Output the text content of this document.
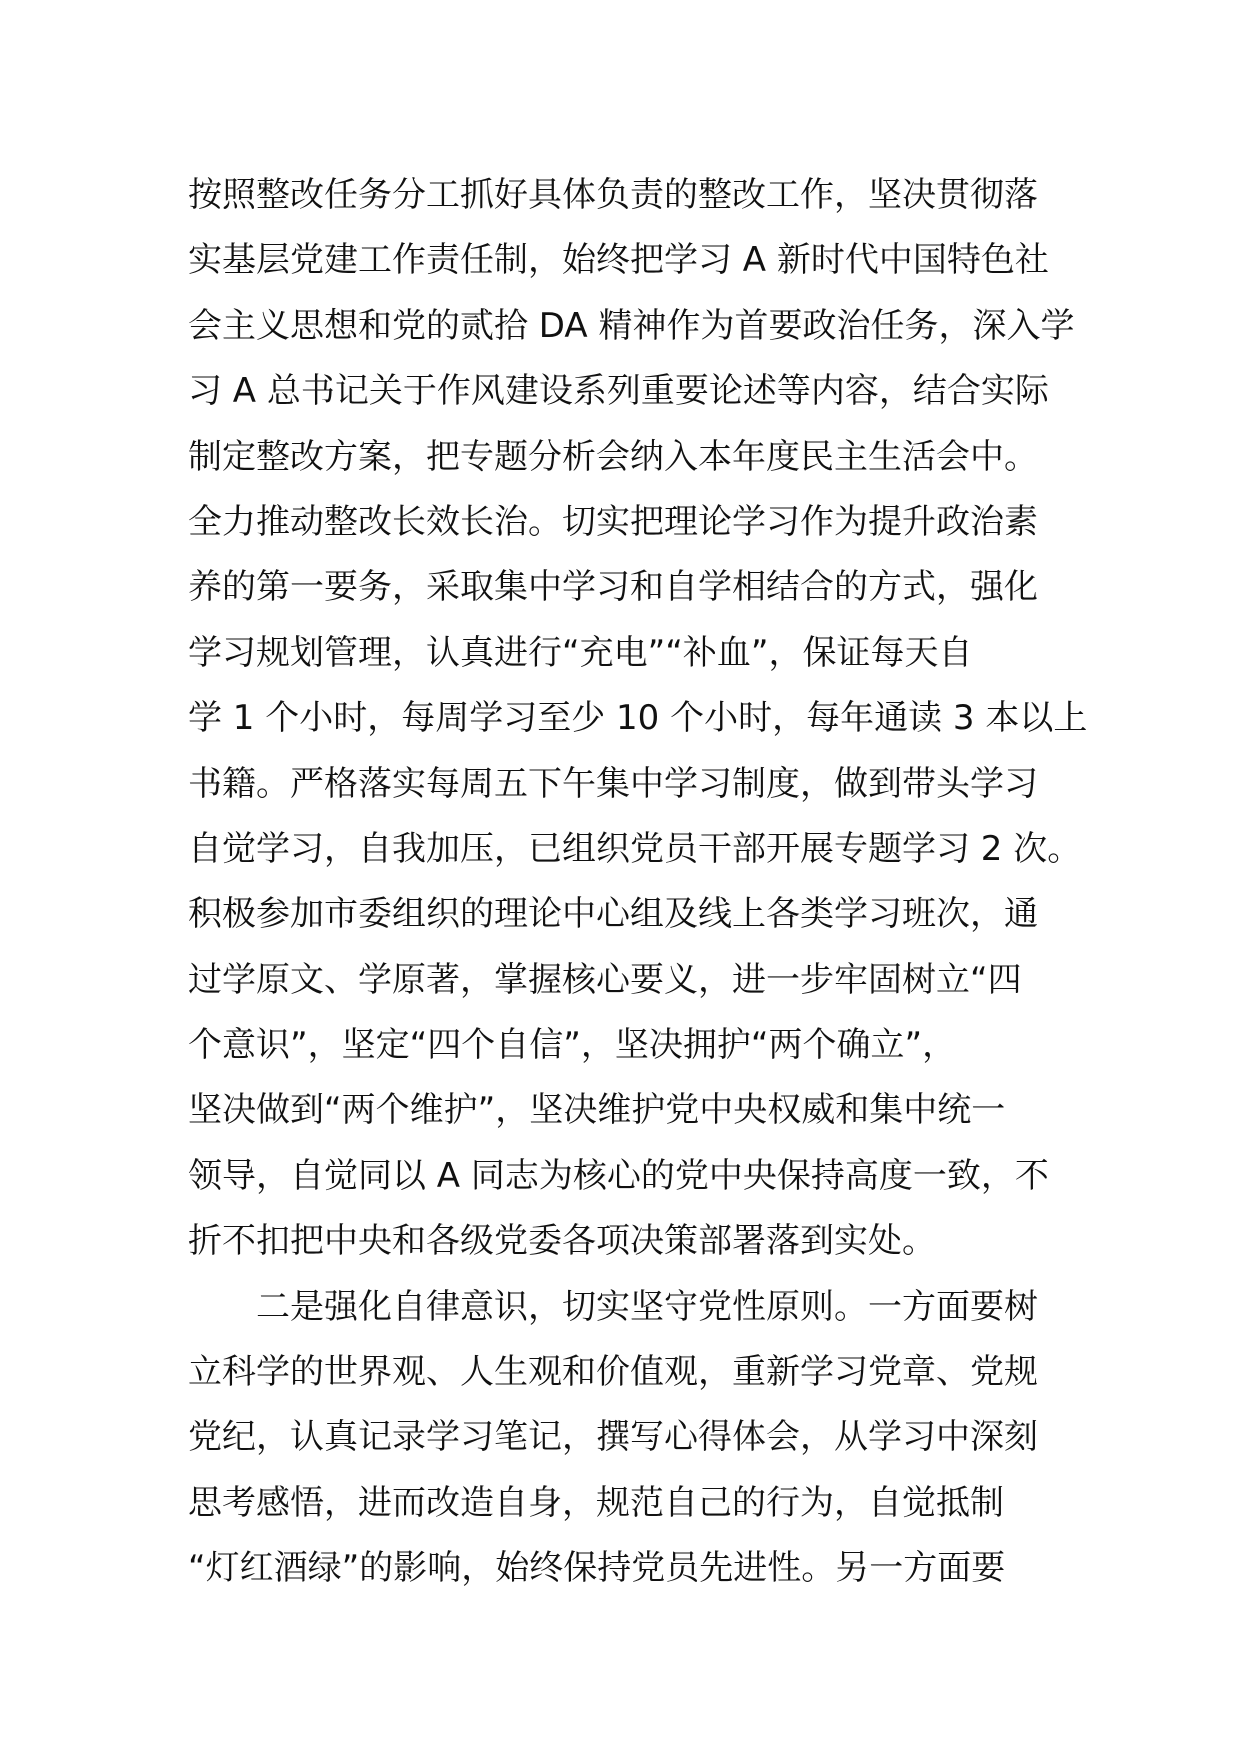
按照整改任务分工抓好具体负责的整改工作，坚决贯彻落
实基层党建工作责任制，始终把学习 A 新时代中国特色社
会主义思想和党的贰拾 DA 精神作为首要政治任务，深入学
习 A 总书记关于作风建设系列重要论述等内容，结合实际
制定整改方案，把专题分析会纳入本年度民主生活会中。
全力推动整改长效长治。切实把理论学习作为提升政治素
养的第一要务，采取集中学习和自学相结合的方式，强化
学习规划管理，认真进行“充电”“补血”，保证每天自
学 1 个小时，每周学习至少 10 个小时，每年通读 3 本以上
书籍。严格落实每周五下午集中学习制度，做到带头学习
自觉学习，自我加压，已组织党员干部开展专题学习 2 次。
积极参加市委组织的理论中心组及线上各类学习班次，通
过学原文、学原著，掌握核心要义，进一步牢固树立“四
个意识”，坚定“四个自信”，坚决拥护“两个确立”，
坚决做到“两个维护”，坚决维护党中央权威和集中统一
领导，自觉同以 A 同志为核心的党中央保持高度一致，不
折不扣把中央和各级党委各项决策部署落到实处。
二是强化自律意识，切实坚守党性原则。一方面要树
立科学的世界观、人生观和价值观，重新学习党章、党规
党纪，认真记录学习笔记，撰写心得体会，从学习中深刻
思考感悟，进而改造自身，规范自己的行为，自觉抵制
“灯红酒绿”的影响，始终保持党员先进性。另一方面要
